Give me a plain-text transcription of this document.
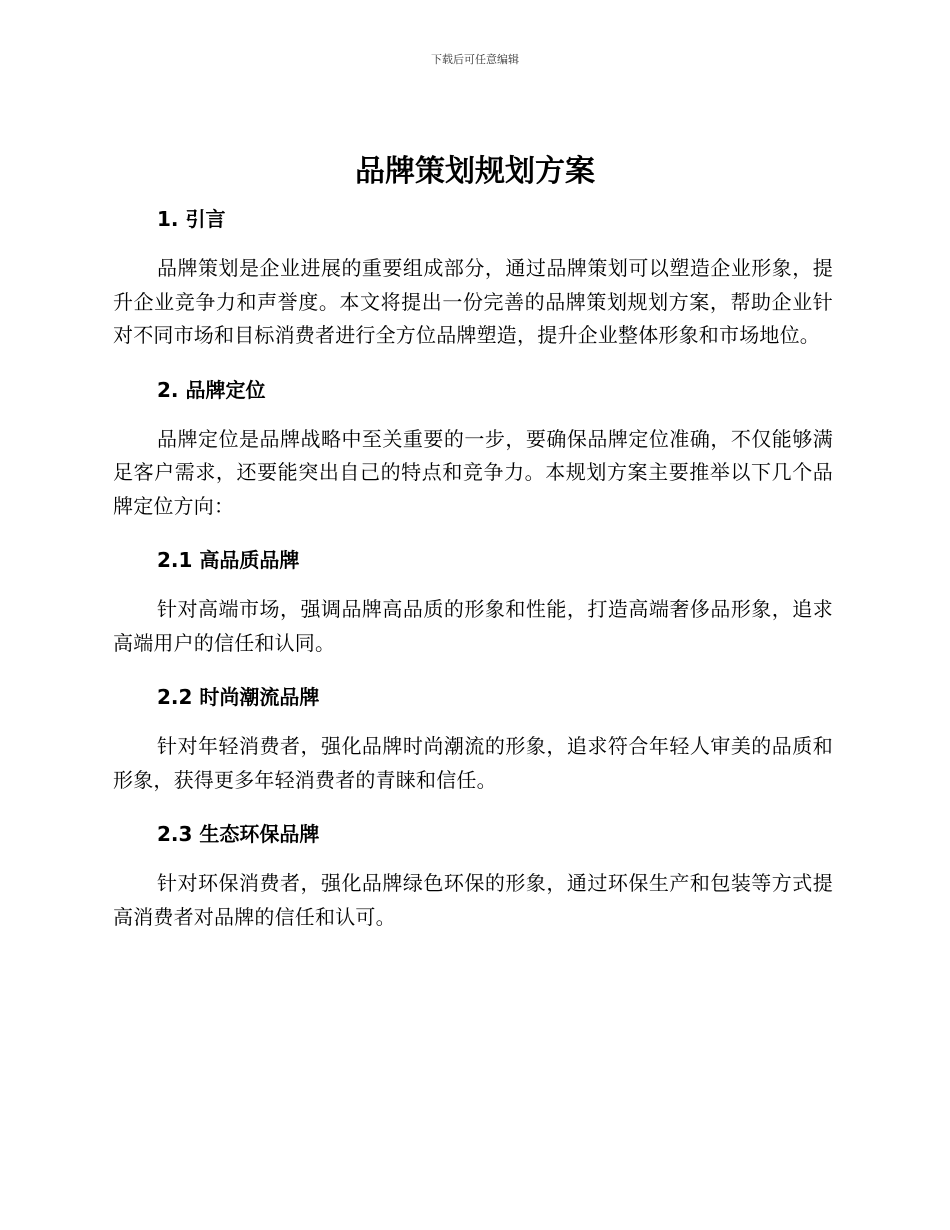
下载后可任意编辑
品牌策划规划方案
1. 引言

品牌策划是企业进展的重要组成部分，通过品牌策划可以塑造企业形象，提升企业竞争力和声誉度。本文将提出一份完善的品牌策划规划方案，帮助企业针对不同市场和目标消费者进行全方位品牌塑造，提升企业整体形象和市场地位。

2. 品牌定位

品牌定位是品牌战略中至关重要的一步，要确保品牌定位准确，不仅能够满足客户需求，还要能突出自己的特点和竞争力。本规划方案主要推举以下几个品牌定位方向：

2.1 高品质品牌

针对高端市场，强调品牌高品质的形象和性能，打造高端奢侈品形象，追求高端用户的信任和认同。

2.2 时尚潮流品牌

针对年轻消费者，强化品牌时尚潮流的形象，追求符合年轻人审美的品质和形象，获得更多年轻消费者的青睐和信任。

2.3 生态环保品牌

针对环保消费者，强化品牌绿色环保的形象，通过环保生产和包装等方式提高消费者对品牌的信任和认可。
